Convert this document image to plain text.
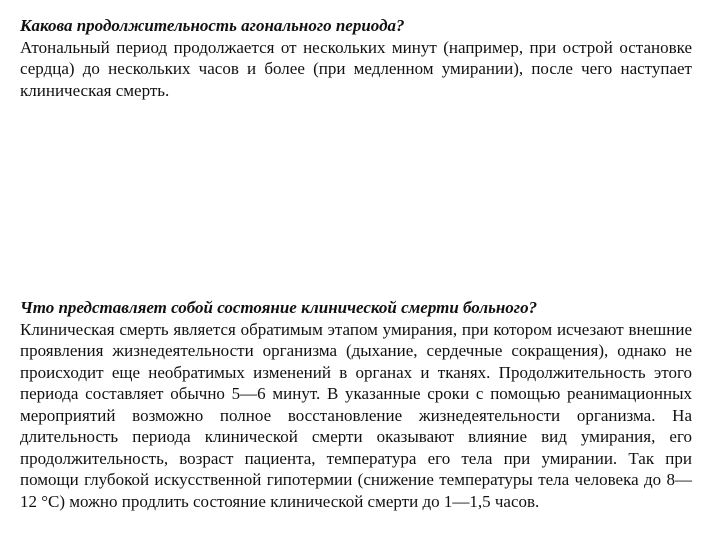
Какова продолжительность агонального периода?

Атональный период продолжается от нескольких минут (например, при острой остановке сердца) до нескольких часов и более (при медленном умирании), после чего наступает клиническая смерть.

Что представляет собой состояние клинической смерти больного?

Клиническая смерть является обратимым этапом умирания, при котором исчезают внешние проявления жизнедеятельности организма (дыхание, сердечные сокращения), однако не происходит еще необратимых изменений в органах и тканях. Продолжительность этого периода составляет обычно 5—6 минут. В указанные сроки с помощью реанимационных мероприятий возможно полное восстановление жизнедеятельности организма. На длительность периода клинической смерти оказывают влияние вид умирания, его продолжительность, возраст пациента, температура его тела при умирании. Так при помощи глубокой искусственной гипотермии (снижение температуры тела человека до 8—12 °С) можно продлить состояние клинической смерти до 1—1,5 часов.
